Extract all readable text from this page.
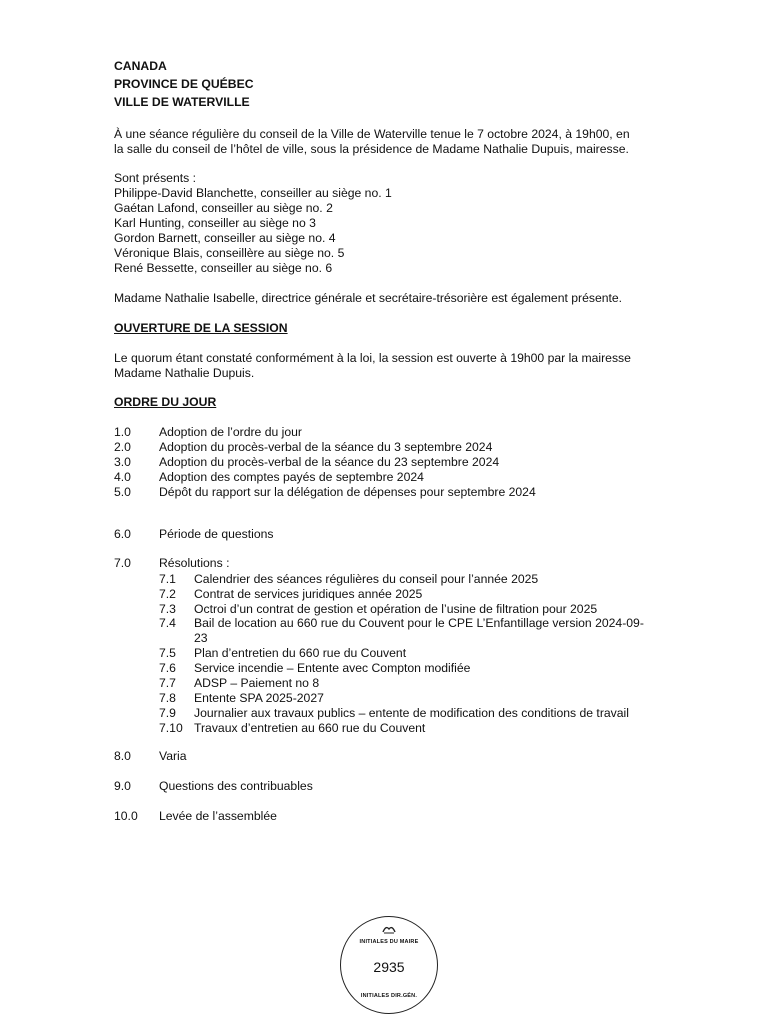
CANADA
PROVINCE DE QUÉBEC
VILLE DE WATERVILLE
À une séance régulière du conseil de la Ville de Waterville tenue le 7 octobre 2024, à 19h00, en
la salle du conseil de l’hôtel de ville, sous la présidence de Madame Nathalie Dupuis, mairesse.
Sont présents :
Philippe-David Blanchette, conseiller au siège no. 1
Gaétan Lafond, conseiller au siège no. 2
Karl Hunting, conseiller au siège no 3
Gordon Barnett, conseiller au siège no. 4
Véronique Blais, conseillère au siège no. 5
René Bessette, conseiller au siège no. 6
Madame Nathalie Isabelle, directrice générale et secrétaire-trésorière est également présente.
OUVERTURE DE LA SESSION
Le quorum étant constaté conformément à la loi, la session est ouverte à 19h00 par la mairesse
Madame Nathalie Dupuis.
ORDRE DU JOUR
1.0 Adoption de l’ordre du jour
2.0 Adoption du procès-verbal de la séance du 3 septembre 2024
3.0 Adoption du procès-verbal de la séance du 23 septembre 2024
4.0 Adoption des comptes payés de septembre 2024
5.0 Dépôt du rapport sur la délégation de dépenses pour septembre 2024
6.0 Période de questions
7.0 Résolutions :
7.1 Calendrier des séances régulières du conseil pour l’année 2025
7.2 Contrat de services juridiques année 2025
7.3 Octroi d’un contrat de gestion et opération de l’usine de filtration pour 2025
7.4 Bail de location au 660 rue du Couvent pour le CPE L’Enfantillage version 2024-09-
23
7.5 Plan d’entretien du 660 rue du Couvent
7.6 Service incendie – Entente avec Compton modifiée
7.7 ADSP – Paiement no 8
7.8 Entente SPA 2025-2027
7.9 Journalier aux travaux publics – entente de modification des conditions de travail
7.10 Travaux d’entretien au 660 rue du Couvent
8.0 Varia
9.0 Questions des contribuables
10.0 Levée de l’assemblée
INITIALES DU MAIRE
2935
INITIALES DIR.GÉN.
